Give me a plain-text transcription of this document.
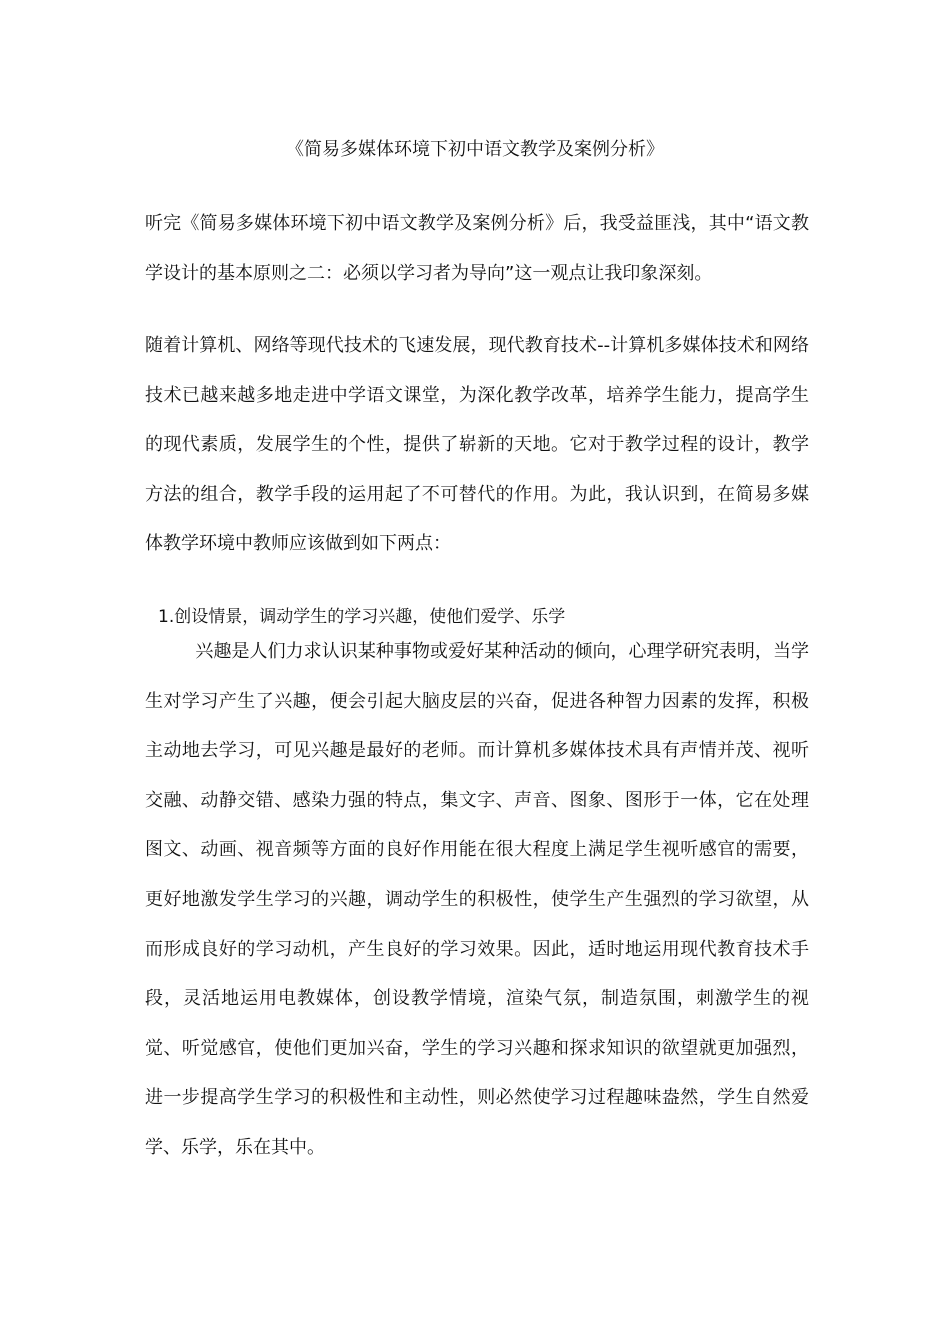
《简易多媒体环境下初中语文教学及案例分析》

听完《简易多媒体环境下初中语文教学及案例分析》后，我受益匪浅，其中“语文教学设计的基本原则之二：必须以学习者为导向”这一观点让我印象深刻。

随着计算机、网络等现代技术的飞速发展，现代教育技术--计算机多媒体技术和网络技术已越来越多地走进中学语文课堂，为深化教学改革，培养学生能力，提高学生的现代素质，发展学生的个性，提供了崭新的天地。它对于教学过程的设计，教学方法的组合，教学手段的运用起了不可替代的作用。为此，我认识到，在简易多媒体教学环境中教师应该做到如下两点：

1.创设情景，调动学生的学习兴趣，使他们爱学、乐学

兴趣是人们力求认识某种事物或爱好某种活动的倾向，心理学研究表明，当学生对学习产生了兴趣，便会引起大脑皮层的兴奋，促进各种智力因素的发挥，积极主动地去学习，可见兴趣是最好的老师。而计算机多媒体技术具有声情并茂、视听交融、动静交错、感染力强的特点，集文字、声音、图象、图形于一体，它在处理图文、动画、视音频等方面的良好作用能在很大程度上满足学生视听感官的需要，更好地激发学生学习的兴趣，调动学生的积极性，使学生产生强烈的学习欲望，从而形成良好的学习动机，产生良好的学习效果。因此，适时地运用现代教育技术手段，灵活地运用电教媒体，创设教学情境，渲染气氛，制造氛围，刺激学生的视觉、听觉感官，使他们更加兴奋，学生的学习兴趣和探求知识的欲望就更加强烈，进一步提高学生学习的积极性和主动性，则必然使学习过程趣味盎然，学生自然爱学、乐学，乐在其中。
